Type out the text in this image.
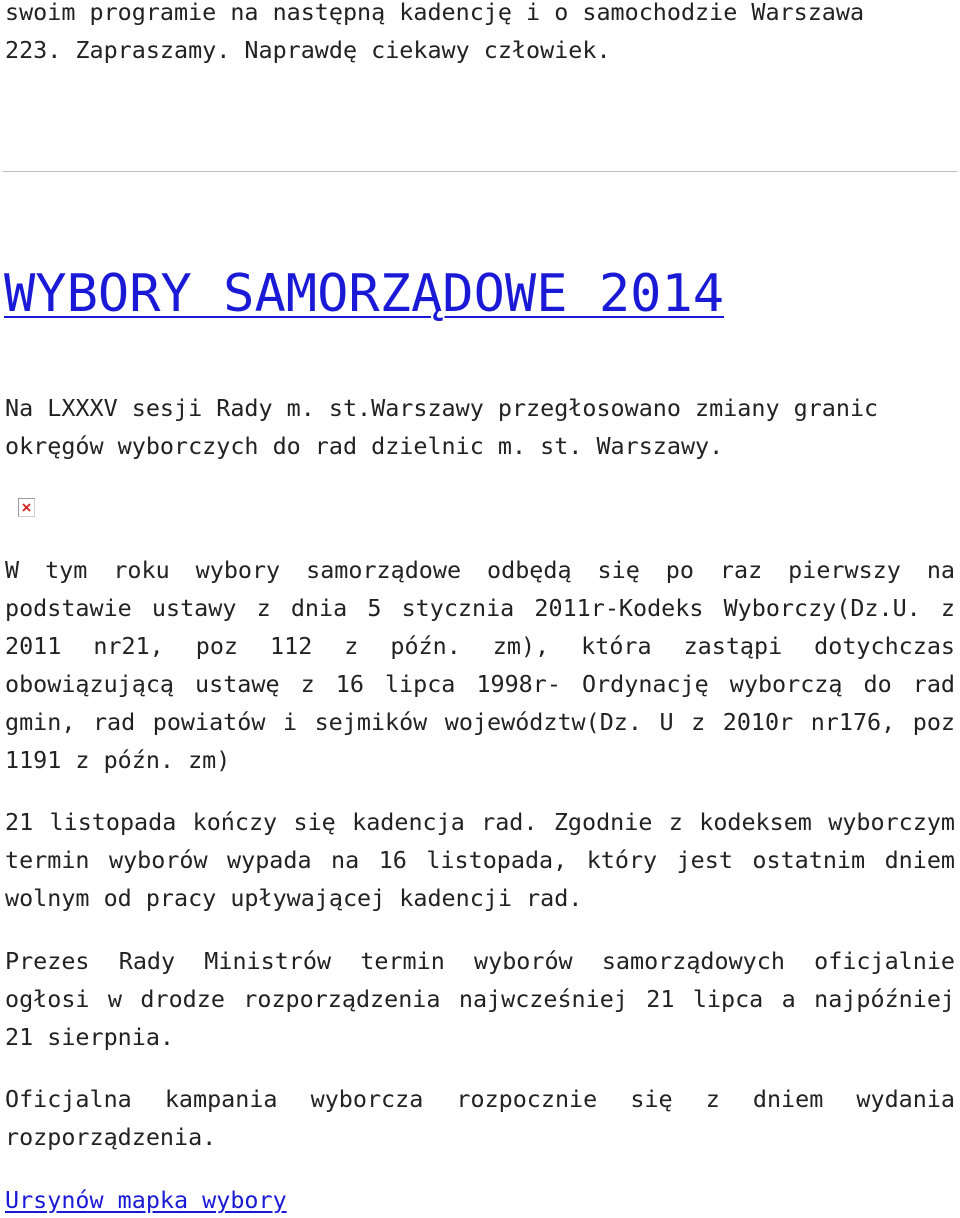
swoim programie na następną kadencję i o samochodzie Warszawa
223. Zapraszamy. Naprawdę ciekawy człowiek.

WYBORY SAMORZĄDOWE 2014

Na LXXXV sesji Rady m. st.Warszawy przegłosowano zmiany granic okręgów wyborczych do rad dzielnic m. st. Warszawy.

W tym roku wybory samorządowe odbędą się po raz pierwszy na podstawie ustawy z dnia 5 stycznia 2011r-Kodeks Wyborczy(Dz.U. z 2011 nr21, poz 112 z późn. zm), która zastąpi dotychczas obowiązującą ustawę z 16 lipca 1998r- Ordynację wyborczą do rad gmin, rad powiatów i sejmików województw(Dz. U z 2010r nr176, poz 1191 z późn. zm)

21 listopada kończy się kadencja rad. Zgodnie z kodeksem wyborczym termin wyborów wypada na 16 listopada, który jest ostatnim dniem wolnym od pracy upływającej kadencji rad.

Prezes Rady Ministrów termin wyborów samorządowych oficjalnie ogłosi w drodze rozporządzenia najwcześniej 21 lipca a najpóźniej 21 sierpnia.

Oficjalna kampania wyborcza rozpocznie się z dniem wydania rozporządzenia.

Ursynów mapka wybory
